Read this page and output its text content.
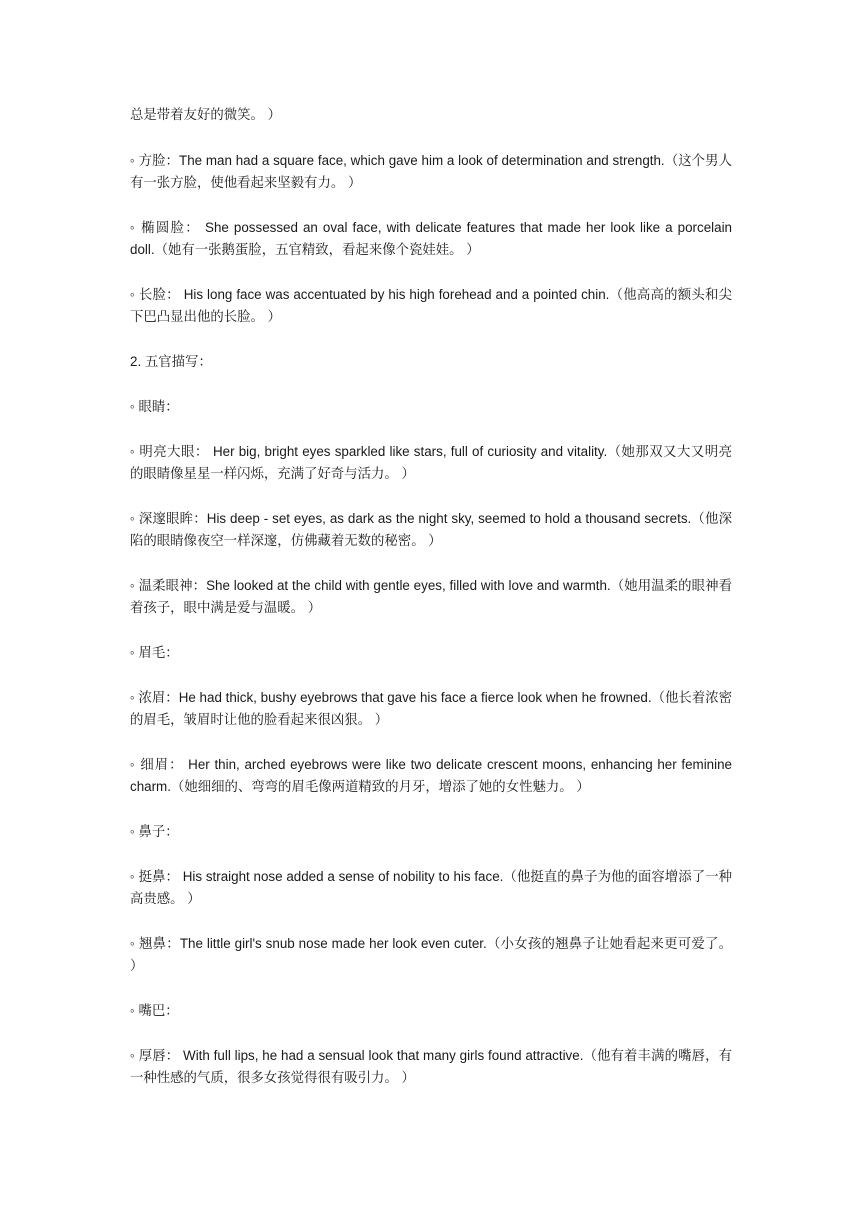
总是带着友好的微笑。 ）

◦ 方脸：The man had a square face, which gave him a look of determination and strength.（这个男人有一张方脸，使他看起来坚毅有力。 ）

◦ 椭圆脸： She possessed an oval face, with delicate features that made her look like a porcelain doll.（她有一张鹅蛋脸，五官精致，看起来像个瓷娃娃。 ）

◦ 长脸： His long face was accentuated by his high forehead and a pointed chin.（他高高的额头和尖下巴凸显出他的长脸。 ）

2. 五官描写：

◦ 眼睛：

◦ 明亮大眼： Her big, bright eyes sparkled like stars, full of curiosity and vitality.（她那双又大又明亮的眼睛像星星一样闪烁，充满了好奇与活力。 ）

◦ 深邃眼眸：His deep - set eyes, as dark as the night sky, seemed to hold a thousand secrets.（他深陷的眼睛像夜空一样深邃，仿佛藏着无数的秘密。 ）

◦ 温柔眼神：She looked at the child with gentle eyes, filled with love and warmth.（她用温柔的眼神看着孩子，眼中满是爱与温暖。 ）

◦ 眉毛：

◦ 浓眉：He had thick, bushy eyebrows that gave his face a fierce look when he frowned.（他长着浓密的眉毛，皱眉时让他的脸看起来很凶狠。 ）

◦ 细眉： Her thin, arched eyebrows were like two delicate crescent moons, enhancing her feminine charm.（她细细的、弯弯的眉毛像两道精致的月牙，增添了她的女性魅力。 ）

◦ 鼻子：

◦ 挺鼻： His straight nose added a sense of nobility to his face.（他挺直的鼻子为他的面容增添了一种高贵感。 ）

◦ 翘鼻：The little girl's snub nose made her look even cuter.（小女孩的翘鼻子让她看起来更可爱了。 ）

◦ 嘴巴：

◦ 厚唇： With full lips, he had a sensual look that many girls found attractive.（他有着丰满的嘴唇，有一种性感的气质，很多女孩觉得很有吸引力。 ）
